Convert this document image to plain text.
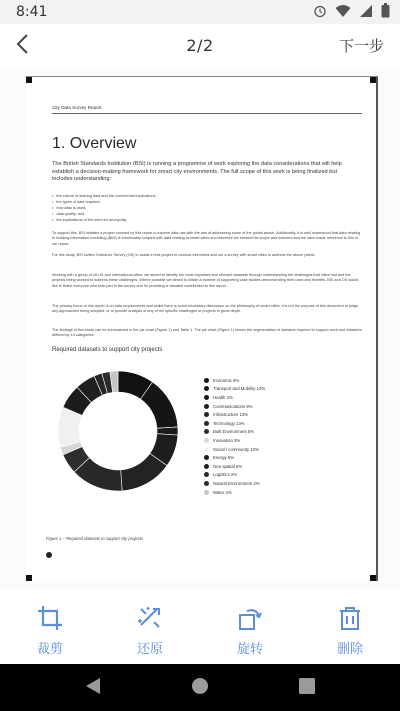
8:41
2/2	下一步
City Data Survey Report
1. Overview
The British Standards Institution (BSI) is running a programme of work exploring the data considerations that will help establish a decision-making framework for smart city environments. The full scope of this work is being finalized but includes understanding:
• the culture of sharing data and the commercial implications;
• the types of data required;
• how data is used;
• data quality; and
• the implications of the need for anonymity
To support this, BSI initiated a project covered by this report to explore data use with the aim of addressing some of the points above. Additionally, it is well understood that data relating to building information modelling (BIM) is inextricably coupled with data relating to smart cities and therefore we ensured its scope was included and we have made reference to this in our report.
For this study, BSI invited Ordnance Survey (OS) to assist in this project to conduct interviews and run a survey with smart cities to address the above points.
Working with a group of 18 UK and international cities, we aimed to identify the most important and relevant datasets through understanding the challenges that cities had and the projects being worked to address these challenges. Where possible we aimed to obtain a number of supporting case studies demonstrating their uses and benefits. BSI and OS would like to thank everyone who took part in the survey and for providing a valuable contribution to this report.
The primary focus of this report is on data requirements and whilst there is some necessary discussion on the philosophy of smart cities, it is not the purpose of this document to judge any approaches being adopted, or to provide analysis of any of the specific challenges or projects in great depth.
The findings of this study can be summarized in the pie chart (Figure 1) and Table 1. The pie chart (Figure 1) shows the segmentation of datasets required to support work and initiatives defined by 14 categories.
Required datasets to support city projects
Economic 9%
Transport and Mobility 13%
Health 2%
Communications 8%
Infrastructure 13%
Technology 13%
Built Environment 5%
Innovation 2%
Social / community 10%
Energy 6%
Geo spatial 5%
Logistics 2%
Natural Environment 2%
Water 2%
Figure 1 – Required datasets to support city projects
裁剪	还原	旋转	删除
